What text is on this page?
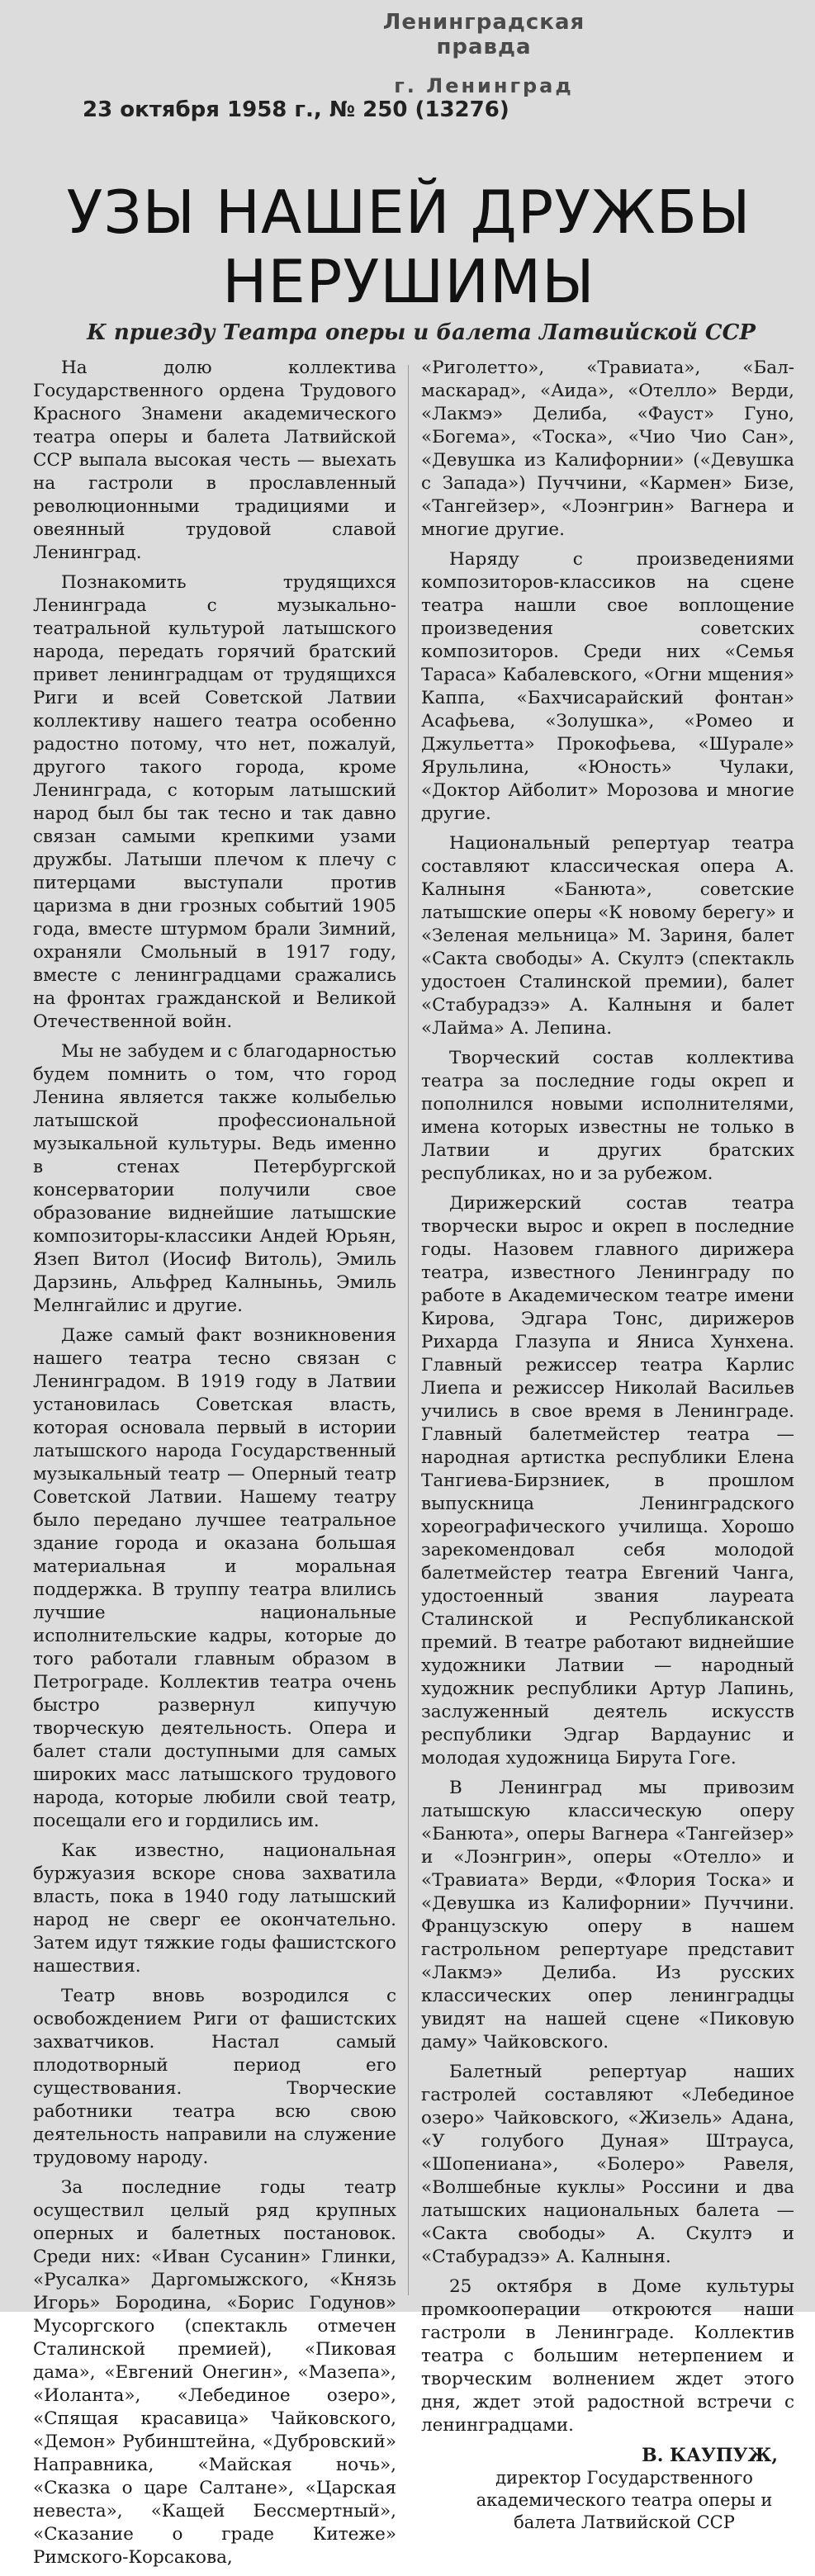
Ленинградская правда
г. Ленинград
23 октября 1958 г., № 250 (13276)
УЗЫ НАШЕЙ ДРУЖБЫ
НЕРУШИМЫ
К приезду Театра оперы и балета Латвийской ССР

На долю коллектива Государственного ордена Трудового Красного Знамени академического театра оперы и балета Латвийской ССР выпала высокая честь — выехать на гастроли в прославленный революционными традициями и овеянный трудовой славой Ленинград.

Познакомить трудящихся Ленинграда с музыкально-театральной культурой латышского народа, передать горячий братский привет ленинградцам от трудящихся Риги и всей Советской Латвии коллективу нашего театра особенно радостно потому, что нет, пожалуй, другого такого города, кроме Ленинграда, с которым латышский народ был бы так тесно и так давно связан самыми крепкими узами дружбы. Латыши плечом к плечу с питерцами выступали против царизма в дни грозных событий 1905 года, вместе штурмом брали Зимний, охраняли Смольный в 1917 году, вместе с ленинградцами сражались на фронтах гражданской и Великой Отечественной войн.

Мы не забудем и с благодарностью будем помнить о том, что город Ленина является также колыбелью латышской профессиональной музыкальной культуры. Ведь именно в стенах Петербургской консерватории получили свое образование виднейшие латышские композиторы-классики Андей Юрьян, Язеп Витол (Иосиф Витоль), Эмиль Дарзинь, Альфред Калныньь, Эмиль Мелнгайлис и другие.

Даже самый факт возникновения нашего театра тесно связан с Ленинградом. В 1919 году в Латвии установилась Советская власть, которая основала первый в истории латышского народа Государственный музыкальный театр — Оперный театр Советской Латвии. Нашему театру было передано лучшее театральное здание города и оказана большая материальная и моральная поддержка. В труппу театра влились лучшие национальные исполнительские кадры, которые до того работали главным образом в Петрограде. Коллектив театра очень быстро развернул кипучую творческую деятельность. Опера и балет стали доступными для самых широких масс латышского трудового народа, которые любили свой театр, посещали его и гордились им.

Как известно, национальная буржуазия вскоре снова захватила власть, пока в 1940 году латышский народ не сверг ее окончательно. Затем идут тяжкие годы фашистского нашествия.

Театр вновь возродился с освобождением Риги от фашистских захватчиков. Настал самый плодотворный период его существования. Творческие работники театра всю свою деятельность направили на служение трудовому народу.

За последние годы театр осуществил целый ряд крупных оперных и балетных постановок. Среди них: «Иван Сусанин» Глинки, «Русалка» Даргомыжского, «Князь Игорь» Бородина, «Борис Годунов» Мусоргского (спектакль отмечен Сталинской премией), «Пиковая дама», «Евгений Онегин», «Мазепа», «Иоланта», «Лебединое озеро», «Спящая красавица» Чайковского, «Демон» Рубинштейна, «Дубровский» Направника, «Майская ночь», «Сказка о царе Салтане», «Царская невеста», «Кащей Бессмертный», «Сказание о граде Китеже» Римского-Корсакова,

«Риголетто», «Травиата», «Бал-маскарад», «Аида», «Отелло» Верди, «Лакмэ» Делиба, «Фауст» Гуно, «Богема», «Тоска», «Чио Чио Сан», «Девушка из Калифорнии» («Девушка с Запада») Пуччини, «Кармен» Бизе, «Тангейзер», «Лоэнгрин» Вагнера и многие другие.

Наряду с произведениями композиторов-классиков на сцене театра нашли свое воплощение произведения советских композиторов. Среди них «Семья Тараса» Кабалевского, «Огни мщения» Каппа, «Бахчисарайский фонтан» Асафьева, «Золушка», «Ромео и Джульетта» Прокофьева, «Шурале» Ярульлина, «Юность» Чулаки, «Доктор Айболит» Морозова и многие другие.

Национальный репертуар театра составляют классическая опера А. Калныня «Банюта», советские латышские оперы «К новому берегу» и «Зеленая мельница» М. Зариня, балет «Сакта свободы» А. Скултэ (спектакль удостоен Сталинской премии), балет «Стабурадзэ» А. Калныня и балет «Лайма» А. Лепина.

Творческий состав коллектива театра за последние годы окреп и пополнился новыми исполнителями, имена которых известны не только в Латвии и других братских республиках, но и за рубежом.

Дирижерский состав театра творчески вырос и окреп в последние годы. Назовем главного дирижера театра, известного Ленинграду по работе в Академическом театре имени Кирова, Эдгара Тонс, дирижеров Рихарда Глазупа и Яниса Хунхена. Главный режиссер театра Карлис Лиепа и режиссер Николай Васильев учились в свое время в Ленинграде. Главный балетмейстер театра — народная артистка республики Елена Тангиева-Бирзниек, в прошлом выпускница Ленинградского хореографического училища. Хорошо зарекомендовал себя молодой балетмейстер театра Евгений Чанга, удостоенный звания лауреата Сталинской и Республиканской премий. В театре работают виднейшие художники Латвии — народный художник республики Артур Лапинь, заслуженный деятель искусств республики Эдгар Вардаунис и молодая художница Бирута Гоге.

В Ленинград мы привозим латышскую классическую оперу «Банюта», оперы Вагнера «Тангейзер» и «Лоэнгрин», оперы «Отелло» и «Травиата» Верди, «Флория Тоска» и «Девушка из Калифорнии» Пуччини. Французскую оперу в нашем гастрольном репертуаре представит «Лакмэ» Делиба. Из русских классических опер ленинградцы увидят на нашей сцене «Пиковую даму» Чайковского.

Балетный репертуар наших гастролей составляют «Лебединое озеро» Чайковского, «Жизель» Адана, «У голубого Дуная» Штрауса, «Шопениана», «Болеро» Равеля, «Волшебные куклы» Россини и два латышских национальных балета — «Сакта свободы» А. Скултэ и «Стабурадзэ» А. Калныня.

25 октября в Доме культуры промкооперации откроются наши гастроли в Ленинграде. Коллектив театра с большим нетерпением и творческим волнением ждет этого дня, ждет этой радостной встречи с ленинградцами.

В. КАУПУЖ,
директор Государственного академического театра оперы и балета Латвийской ССР
